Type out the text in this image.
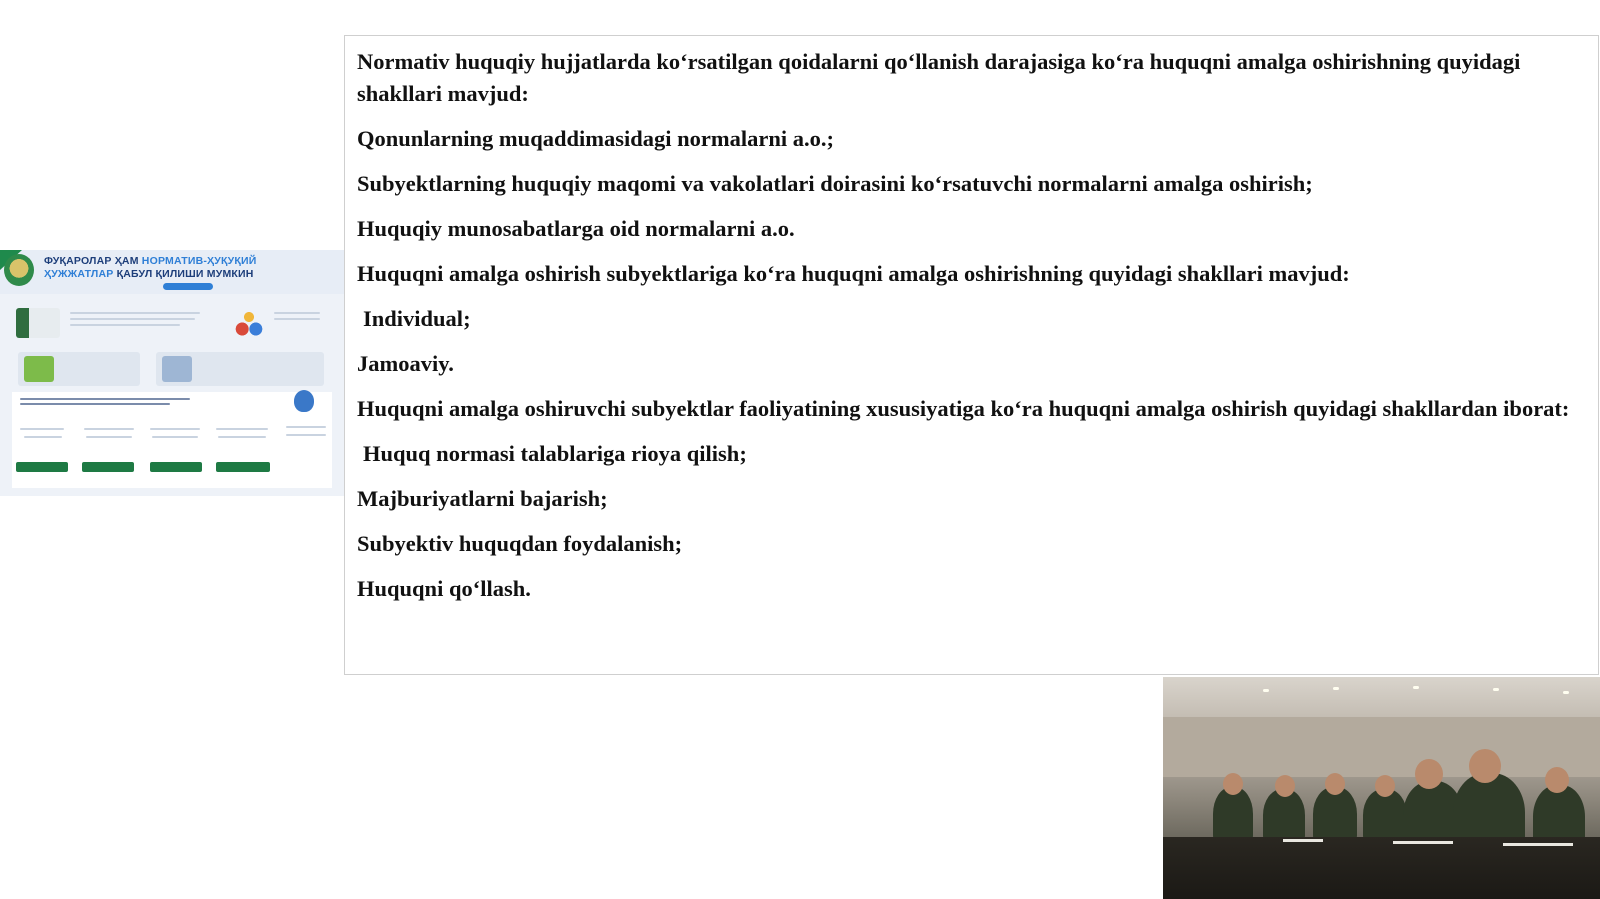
ФУҚАРОЛАР ҲАМ НОРМАТИВ-ҲУҚУҚИЙ
ҲУЖЖАТЛАР ҚАБУЛ ҚИЛИШИ МУМКИН

Normativ huquqiy hujjatlarda koʻrsatilgan qoidalarni qoʻllanish darajasiga koʻra huquqni amalga oshirishning quyidagi shakllari mavjud:

Qonunlarning muqaddimasidagi normalarni a.o.;

Subyektlarning huquqiy maqomi va vakolatlari doirasini koʻrsatuvchi normalarni amalga oshirish;

Huquqiy munosabatlarga oid normalarni a.o.

Huquqni amalga oshirish subyektlariga koʻra huquqni amalga oshirishning quyidagi shakllari mavjud:

Individual;

Jamoaviy.

Huquqni amalga oshiruvchi subyektlar faoliyatining xususiyatiga koʻra huquqni amalga oshirish quyidagi shakllardan iborat:

Huquq normasi talablariga rioya qilish;

Majburiyatlarni bajarish;

Subyektiv huquqdan foydalanish;

Huquqni qoʻllash.
